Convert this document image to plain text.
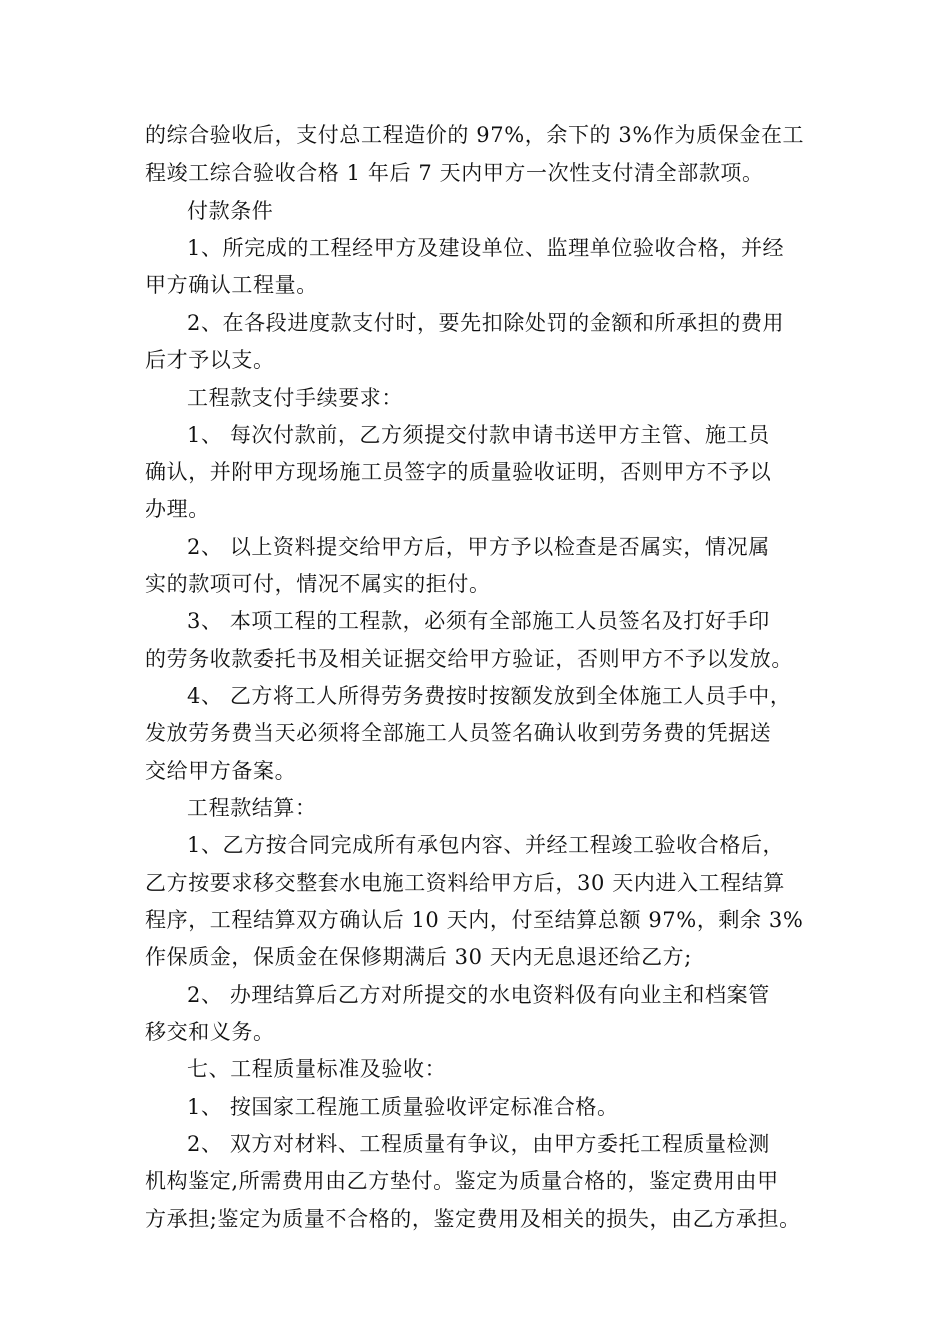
的综合验收后，支付总工程造价的 97%，余下的 3%作为质保金在工
程竣工综合验收合格 1 年后 7 天内甲方一次性支付清全部款项。
付款条件
1、所完成的工程经甲方及建设单位、监理单位验收合格，并经
甲方确认工程量。
2、在各段进度款支付时，要先扣除处罚的金额和所承担的费用
后才予以支。
工程款支付手续要求：
1、 每次付款前，乙方须提交付款申请书送甲方主管、施工员
确认，并附甲方现场施工员签字的质量验收证明，否则甲方不予以
办理。
2、 以上资料提交给甲方后，甲方予以检查是否属实，情况属
实的款项可付，情况不属实的拒付。
3、 本项工程的工程款，必须有全部施工人员签名及打好手印
的劳务收款委托书及相关证据交给甲方验证，否则甲方不予以发放。
4、 乙方将工人所得劳务费按时按额发放到全体施工人员手中，
发放劳务费当天必须将全部施工人员签名确认收到劳务费的凭据送
交给甲方备案。
工程款结算：
1、乙方按合同完成所有承包内容、并经工程竣工验收合格后，
乙方按要求移交整套水电施工资料给甲方后，30 天内进入工程结算
程序，工程结算双方确认后 10 天内，付至结算总额 97%，剩余 3%
作保质金，保质金在保修期满后 30 天内无息退还给乙方;
2、 办理结算后乙方对所提交的水电资料伋有向业主和档案管
移交和义务。
七、工程质量标准及验收：
1、 按国家工程施工质量验收评定标准合格。
2、 双方对材料、工程质量有争议，由甲方委托工程质量检测
机构鉴定,所需费用由乙方垫付。鉴定为质量合格的，鉴定费用由甲
方承担;鉴定为质量不合格的，鉴定费用及相关的损失，由乙方承担。
